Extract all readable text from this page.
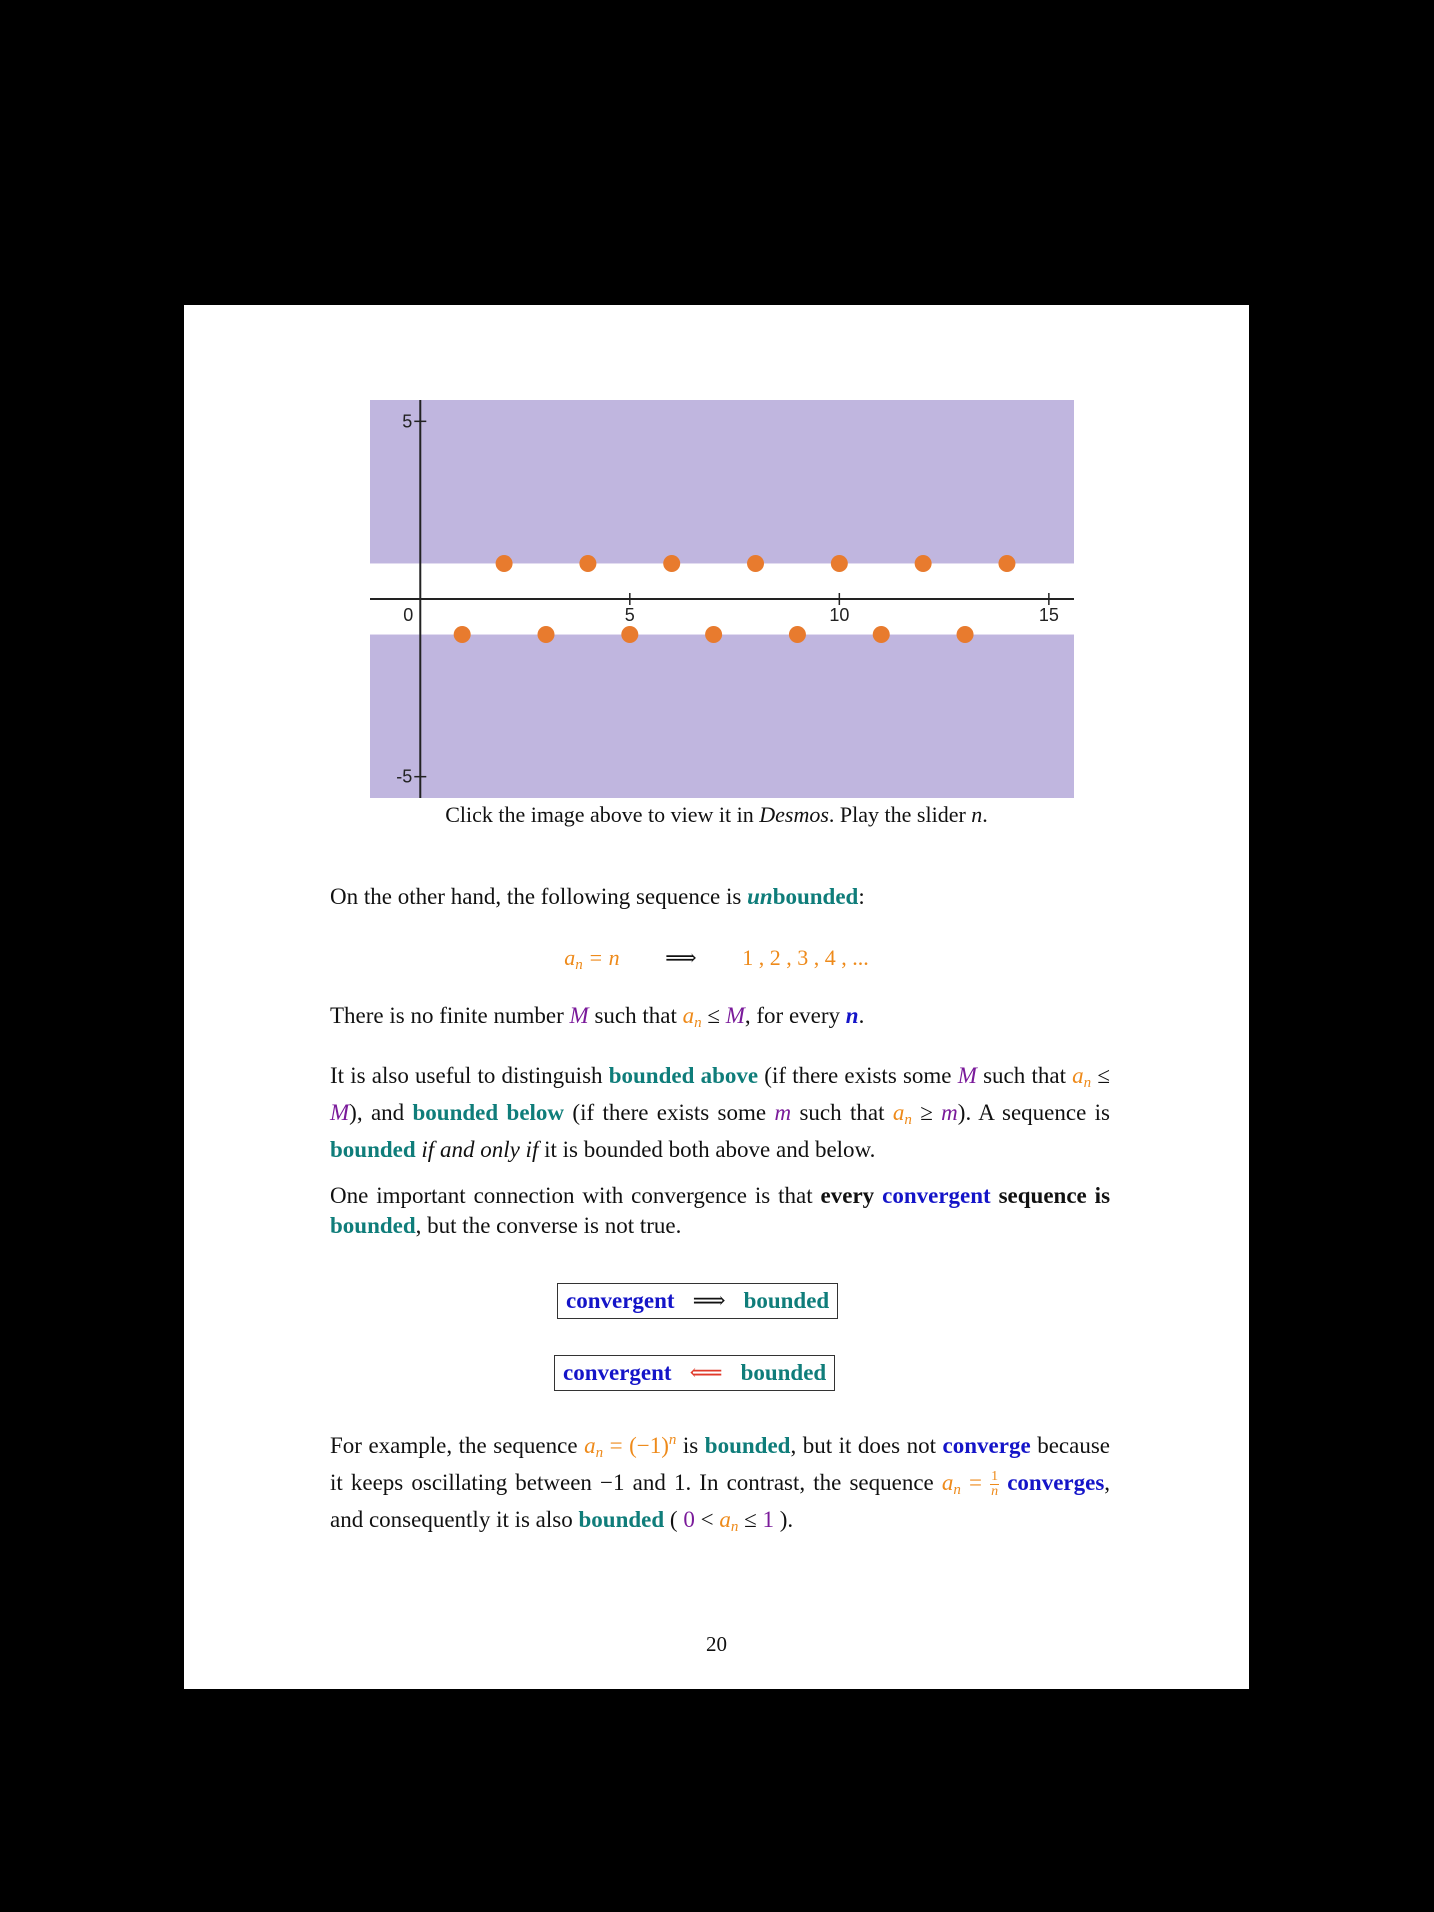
0	5	10	15
5
-5
Click the image above to view it in Desmos. Play the slider n.
On the other hand, the following sequence is unbounded:
$a_n = n$ ⟹ 1 , 2 , 3 , 4 , ...
There is no finite number M such that $a_n \le M$, for every n.
It is also useful to distinguish bounded above (if there exists some M such that $a_n \le M$), and bounded below (if there exists some m such that $a_n \ge m$). A sequence is bounded if and only if it is bounded both above and below.
One important connection with convergence is that every convergent sequence is bounded, but the converse is not true.
convergent ⟹ bounded
convergent ⟸ bounded
For example, the sequence $a_n = (-1)^n$ is bounded, but it does not converge because it keeps oscillating between −1 and 1. In contrast, the sequence $a_n = \frac{1}{n}$ converges, and consequently it is also bounded ( $0 < a_n \le 1$ ).
20
